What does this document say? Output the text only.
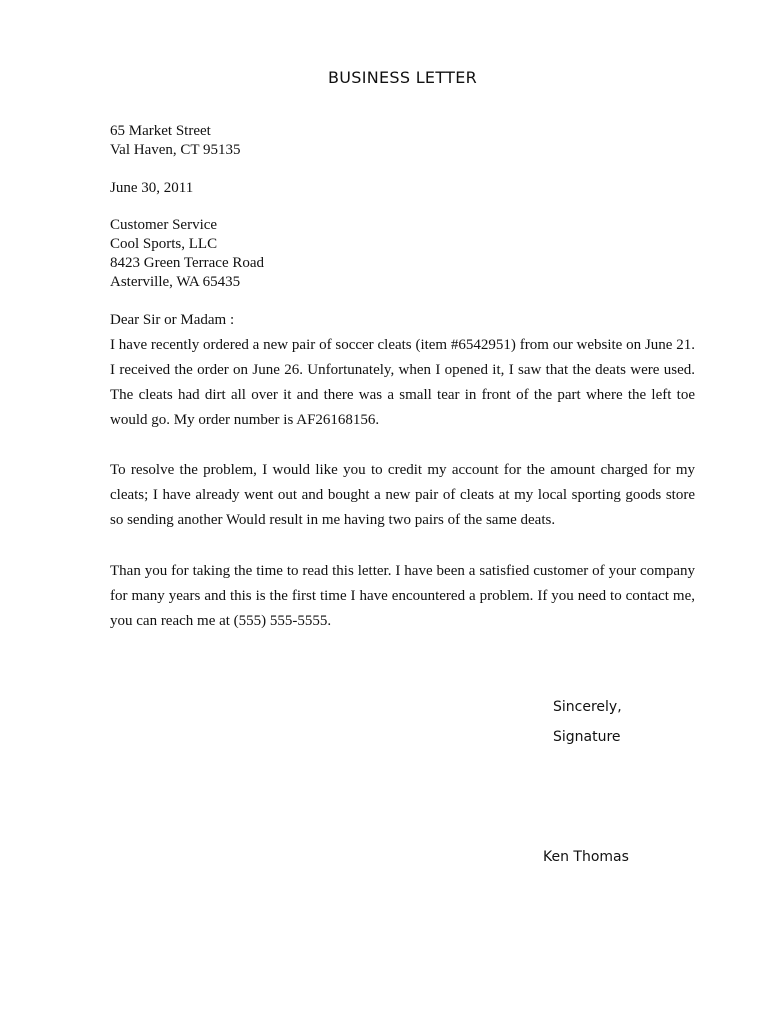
BUSINESS LETTER
65 Market Street
Val Haven, CT 95135
June 30, 2011
Customer Service
Cool Sports, LLC
8423 Green Terrace Road
Asterville, WA 65435

Dear Sir or Madam :

I have recently ordered a new pair of soccer cleats (item #6542951) from our website on June 21. I received the order on June 26. Unfortunately, when I opened it, I saw that the deats were used. The cleats had dirt all over it and there was a small tear in front of the part where the left toe would go. My order number is AF26168156.

To resolve the problem, I would like you to credit my account for the amount charged for my cleats; I have already went out and bought a new pair of cleats at my local sporting goods store so sending another Would result in me having two pairs of the same deats.

Than you for taking the time to read this letter. I have been a satisfied customer of your company for many years and this is the first time I have encountered a problem. If you need to contact me, you can reach me at (555) 555-5555.

Sincerely,

Signature

Ken Thomas
